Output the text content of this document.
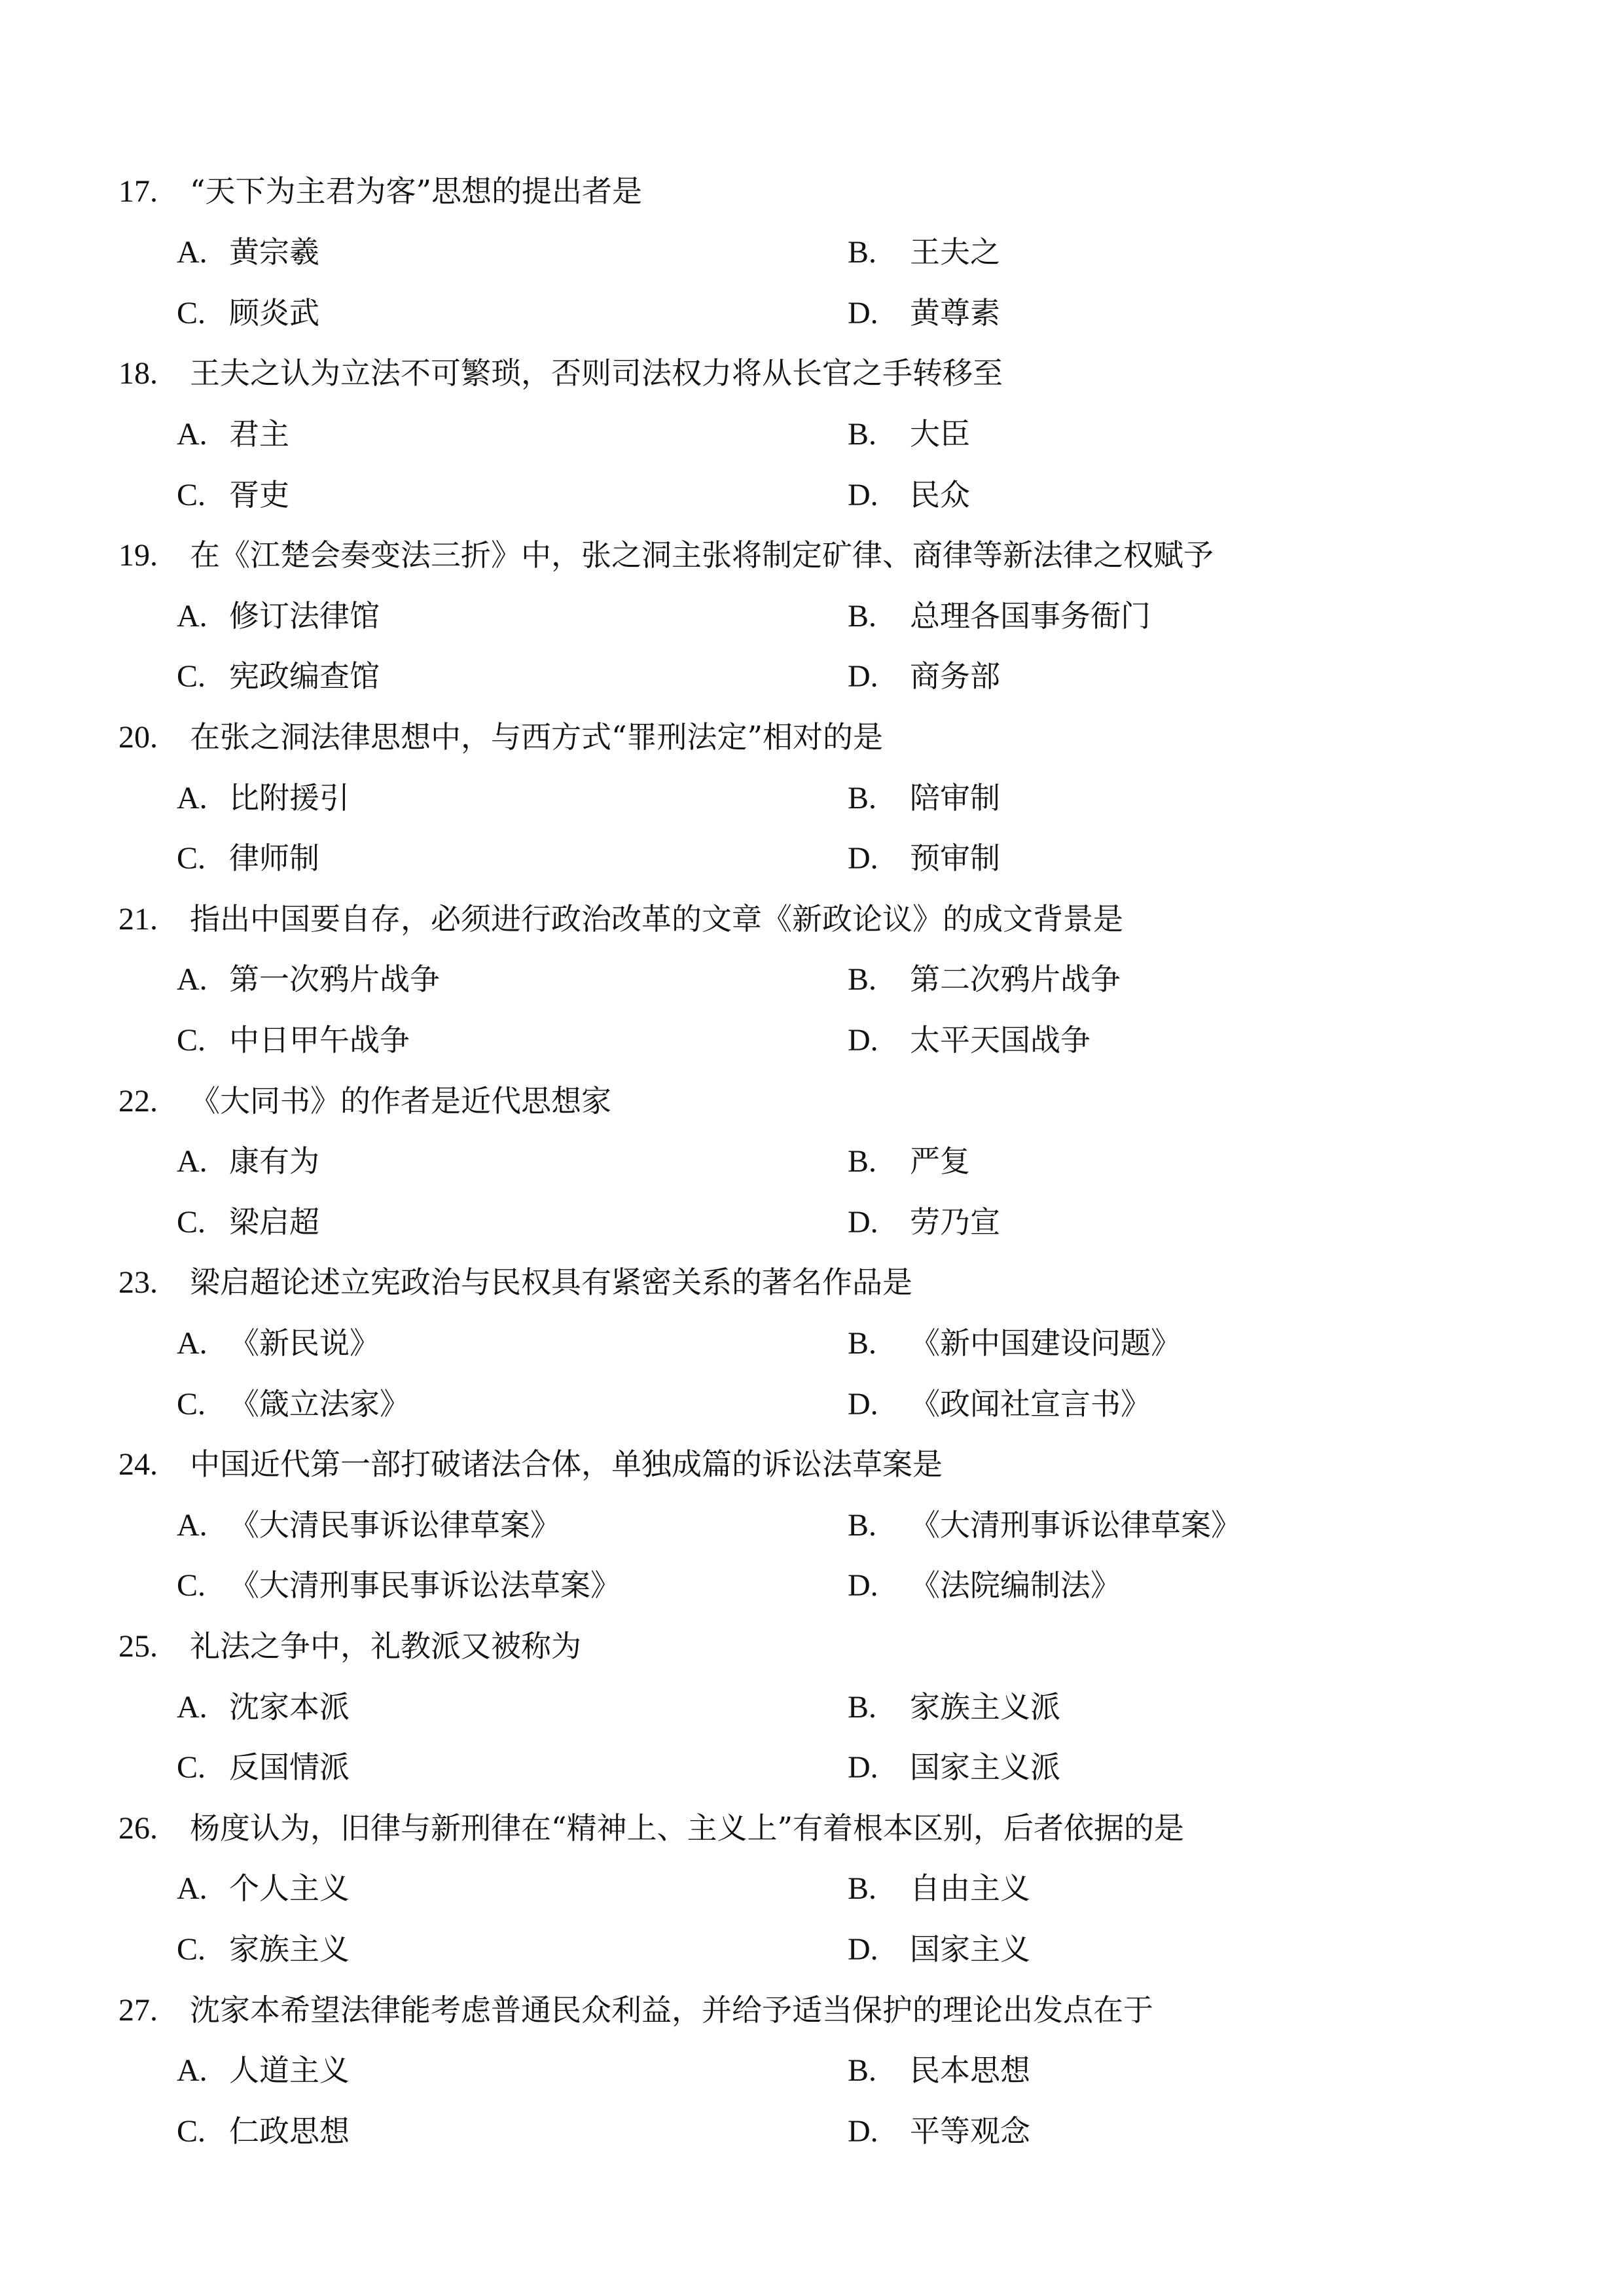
17. “天下为主君为客”思想的提出者是
A. 黄宗羲	B. 王夫之
C. 顾炎武	D. 黄尊素
18. 王夫之认为立法不可繁琐，否则司法权力将从长官之手转移至
A. 君主	B. 大臣
C. 胥吏	D. 民众
19. 在《江楚会奏变法三折》中，张之洞主张将制定矿律、商律等新法律之权赋予
A. 修订法律馆	B. 总理各国事务衙门
C. 宪政编查馆	D. 商务部
20. 在张之洞法律思想中，与西方式“罪刑法定”相对的是
A. 比附援引	B. 陪审制
C. 律师制	D. 预审制
21. 指出中国要自存，必须进行政治改革的文章《新政论议》的成文背景是
A. 第一次鸦片战争	B. 第二次鸦片战争
C. 中日甲午战争	D. 太平天国战争
22. 《大同书》的作者是近代思想家
A. 康有为	B. 严复
C. 梁启超	D. 劳乃宣
23. 梁启超论述立宪政治与民权具有紧密关系的著名作品是
A. 《新民说》	B. 《新中国建设问题》
C. 《箴立法家》	D. 《政闻社宣言书》
24. 中国近代第一部打破诸法合体，单独成篇的诉讼法草案是
A. 《大清民事诉讼律草案》	B. 《大清刑事诉讼律草案》
C. 《大清刑事民事诉讼法草案》	D. 《法院编制法》
25. 礼法之争中，礼教派又被称为
A. 沈家本派	B. 家族主义派
C. 反国情派	D. 国家主义派
26. 杨度认为，旧律与新刑律在“精神上、主义上”有着根本区别，后者依据的是
A. 个人主义	B. 自由主义
C. 家族主义	D. 国家主义
27. 沈家本希望法律能考虑普通民众利益，并给予适当保护的理论出发点在于
A. 人道主义	B. 民本思想
C. 仁政思想	D. 平等观念
